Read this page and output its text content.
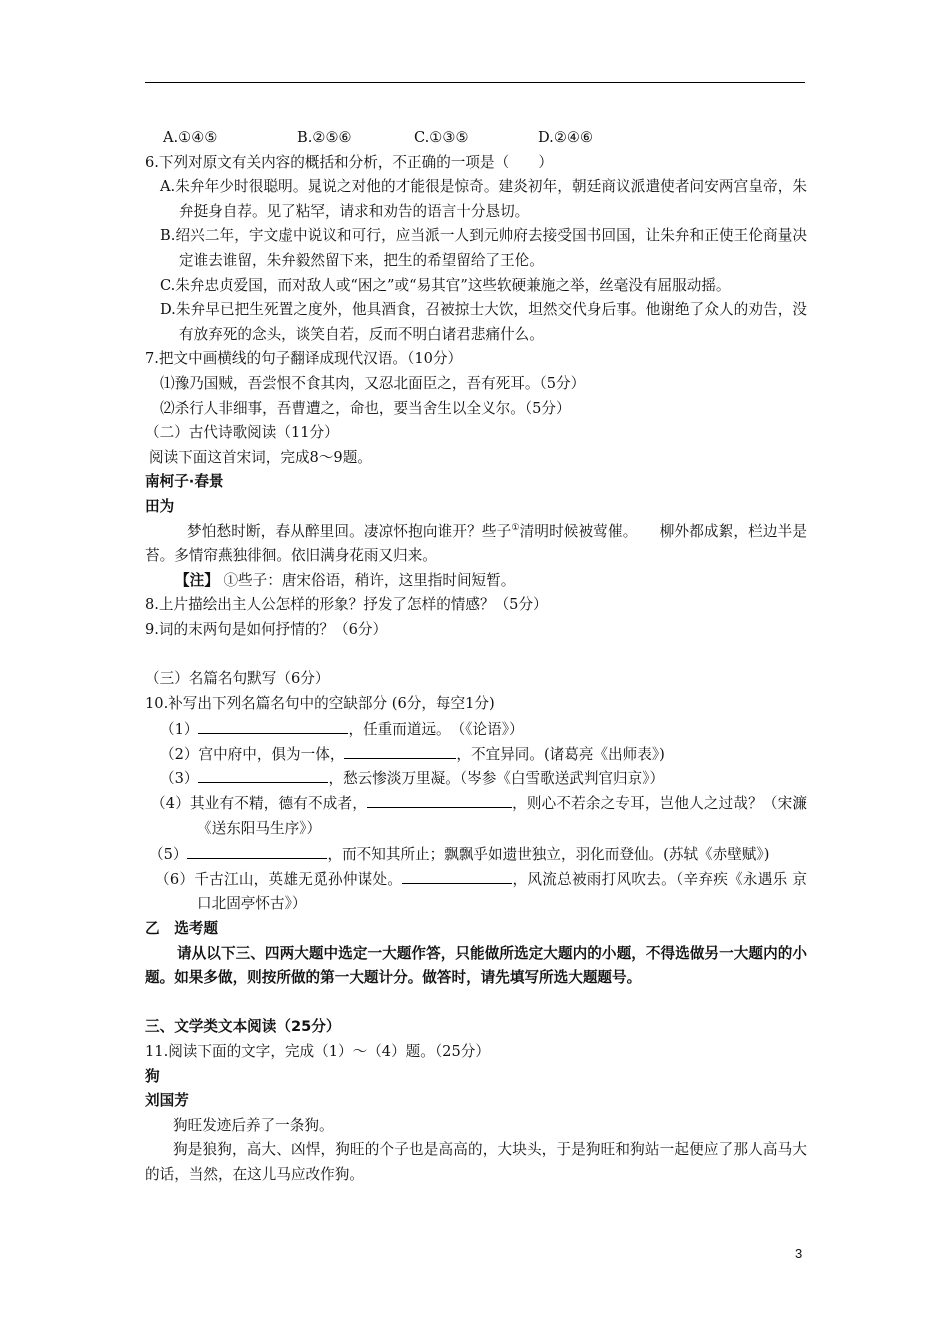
A.①④⑤	B.②⑤⑥	C.①③⑤	D.②④⑥
6.下列对原文有关内容的概括和分析，不正确的一项是（　　）
A.朱弁年少时很聪明。晁说之对他的才能很是惊奇。建炎初年，朝廷商议派遣使者问安两宫皇帝，朱弁挺身自荐。见了粘罕，请求和劝告的语言十分恳切。
B.绍兴二年，宇文虚中说议和可行，应当派一人到元帅府去接受国书回国，让朱弁和正使王伦商量决定谁去谁留，朱弁毅然留下来，把生的希望留给了王伦。
C.朱弁忠贞爱国，而对敌人或“困之”或“易其官”这些软硬兼施之举，丝毫没有屈服动摇。
D.朱弁早已把生死置之度外，他具酒食，召被掠士大饮，坦然交代身后事。他谢绝了众人的劝告，没有放弃死的念头，谈笑自若，反而不明白诸君悲痛什么。
7.把文中画横线的句子翻译成现代汉语。（10分）
⑴豫乃国贼，吾尝恨不食其肉，又忍北面臣之，吾有死耳。（5分）
⑵杀行人非细事，吾曹遭之，命也，要当舍生以全义尔。（5分）
（二）古代诗歌阅读（11分）
阅读下面这首宋词，完成8～9题。
南柯子·春景
田为
梦怕愁时断，春从醉里回。凄凉怀抱向谁开？些子①清明时候被莺催。　　柳外都成絮，栏边半是苔。多情帘燕独徘徊。依旧满身花雨又归来。
【注】 ①些子：唐宋俗语，稍许，这里指时间短暂。
8.上片描绘出主人公怎样的形象？抒发了怎样的情感？（5分）
9.词的末两句是如何抒情的？（6分）
（三）名篇名句默写（6分）
10.补写出下列名篇名句中的空缺部分 (6分，每空1分)
（1）	，任重而道远。　（《论语》）
（2）宫中府中，俱为一体，	，不宜异同。(诸葛亮《出师表》)
（3）	，愁云惨淡万里凝。（岑参《白雪歌送武判官归京》）
（4）其业有不精，德有不成者，	，则心不若余之专耳，岂他人之过哉？（宋濂《送东阳马生序》）
（5）	，而不知其所止；飘飘乎如遗世独立，羽化而登仙。(苏轼《赤壁赋》)
（6）千古江山，英雄无觅孙仲谋处。	，风流总被雨打风吹去。（辛弃疾《永遇乐 京口北固亭怀古》）
乙　选考题
请从以下三、四两大题中选定一大题作答，只能做所选定大题内的小题，不得选做另一大题内的小题。如果多做，则按所做的第一大题计分。做答时，请先填写所选大题题号。
三、文学类文本阅读（25分）
11.阅读下面的文字，完成（1）～（4）题。（25分）
狗
刘国芳
狗旺发迹后养了一条狗。
狗是狼狗，高大、凶悍，狗旺的个子也是高高的，大块头，于是狗旺和狗站一起便应了那人高马大的话，当然，在这儿马应改作狗。
3
